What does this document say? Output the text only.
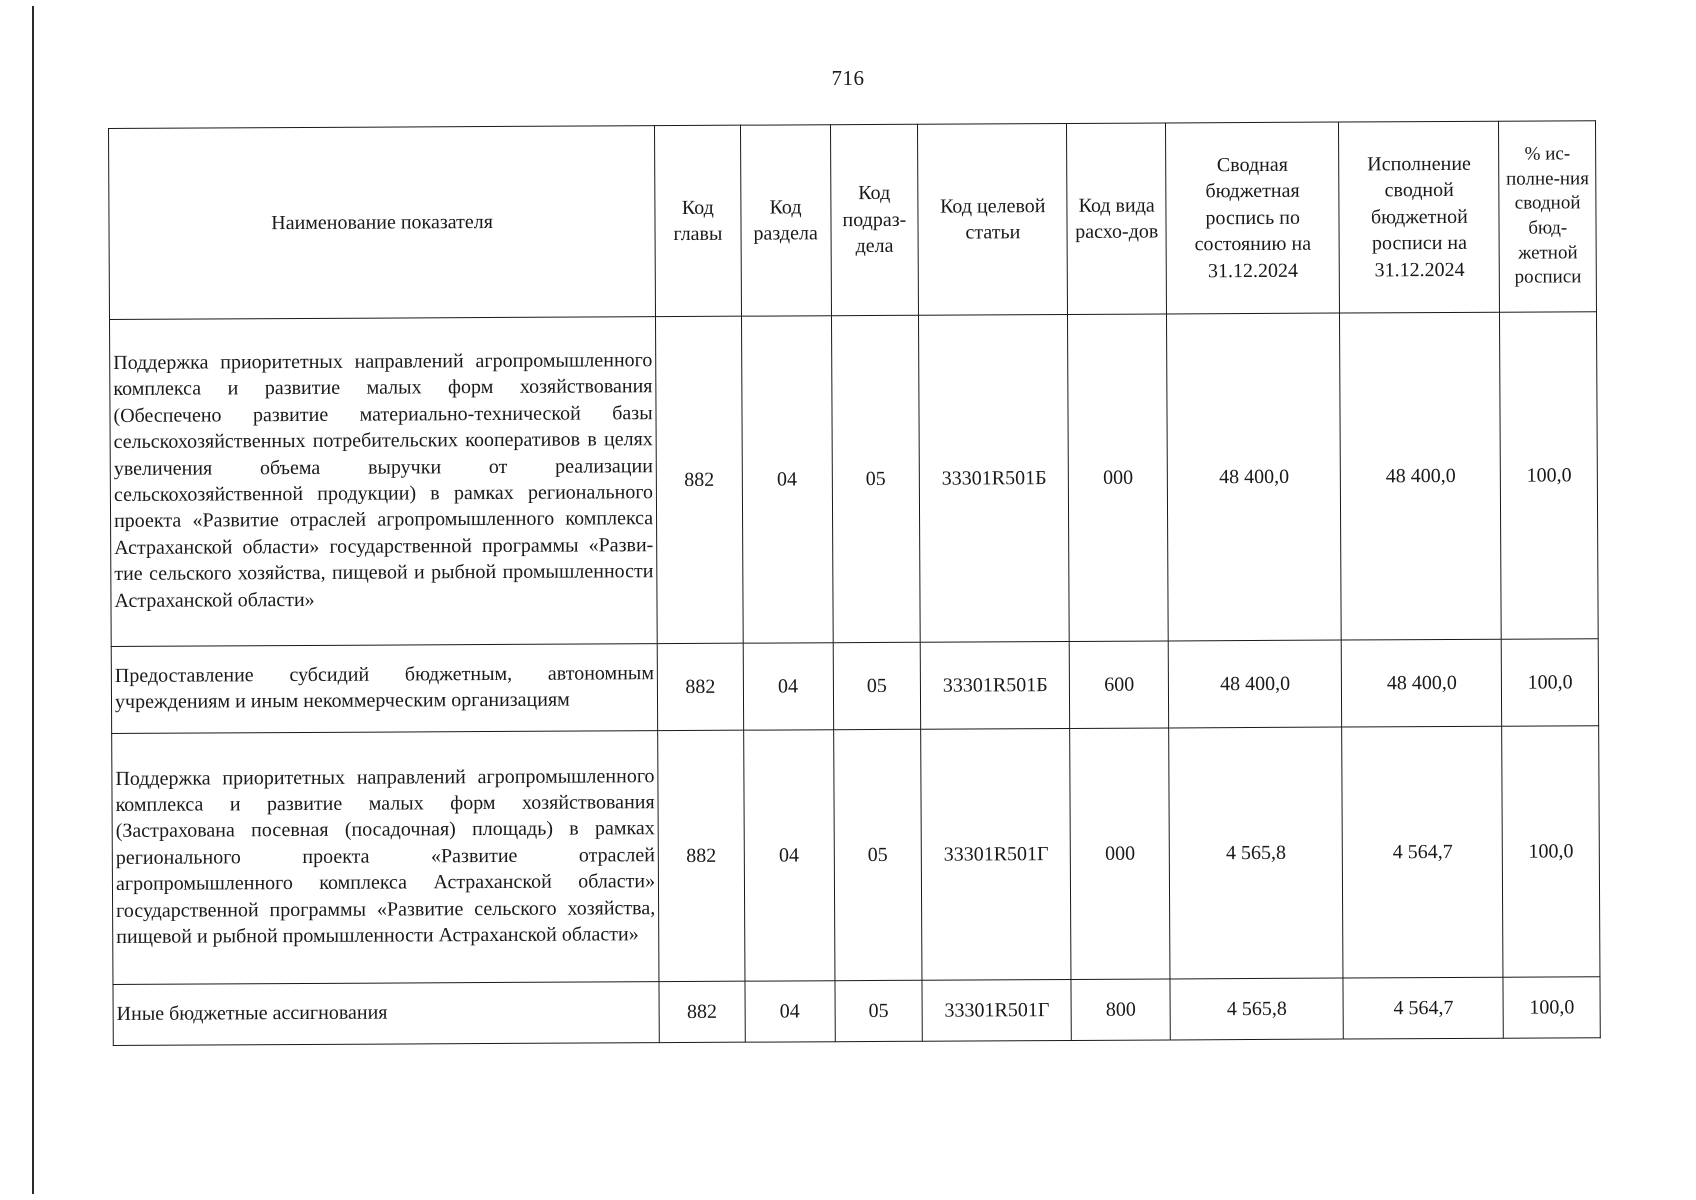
716
Наименование показателя	Код главы	Код раздела	Код подраз-дела	Код целевой статьи	Код вида расхо-дов	Сводная бюджетная роспись по состоянию на 31.12.2024	Исполнение сводной бюджетной росписи на 31.12.2024	% ис-полне-ния сводной бюд-жетной росписи
Поддержка приоритетных направлений агропромышленного комплекса и развитие малых форм хозяйствования (Обеспечено развитие материально-технической базы сельскохозяйственных потребительских кооперативов в целях увеличения объема выручки от реализации сельскохозяйственной продукции) в рамках регионального проекта «Развитие отраслей агропромышленного комплекса Астраханской области» государственной программы «Развитие сельского хозяйства, пищевой и рыбной промышленности Астраханской области»	882	04	05	33301R501Б	000	48 400,0	48 400,0	100,0
Предоставление субсидий бюджетным, автономным учреждениям и иным некоммерческим организациям	882	04	05	33301R501Б	600	48 400,0	48 400,0	100,0
Поддержка приоритетных направлений агропромышленного комплекса и развитие малых форм хозяйствования (Застрахована посевная (посадочная) площадь) в рамках регионального проекта «Развитие отраслей агропромышленного комплекса Астраханской области» государственной программы «Развитие сельского хозяйства, пищевой и рыбной промышленности Астраханской области»	882	04	05	33301R501Г	000	4 565,8	4 564,7	100,0
Иные бюджетные ассигнования	882	04	05	33301R501Г	800	4 565,8	4 564,7	100,0
